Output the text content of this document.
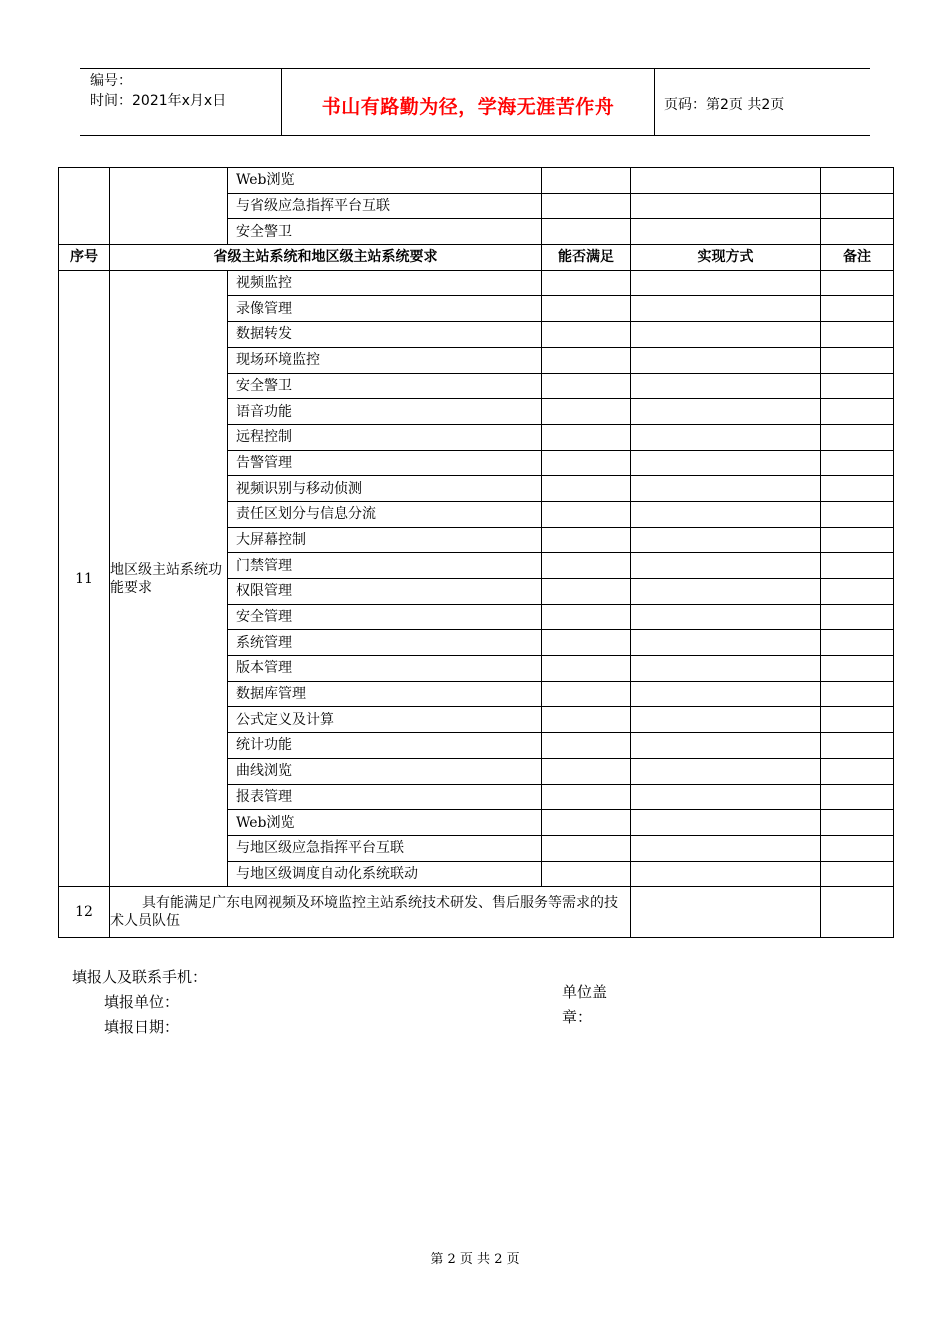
编号：
时间：2021年x月x日	书山有路勤为径，学海无涯苦作舟	页码：第2页 共2页
		Web浏览			
		与省级应急指挥平台互联			
		安全警卫			
序号	省级主站系统和地区级主站系统要求		能否满足	实现方式	备注
11	地区级主站系统功能要求	视频监控			
		录像管理			
		数据转发			
		现场环境监控			
		安全警卫			
		语音功能			
		远程控制			
		告警管理			
		视频识别与移动侦测			
		责任区划分与信息分流			
		大屏幕控制			
		门禁管理			
		权限管理			
		安全管理			
		系统管理			
		版本管理			
		数据库管理			
		公式定义及计算			
		统计功能			
		曲线浏览			
		报表管理			
		Web浏览			
		与地区级应急指挥平台互联			
		与地区级调度自动化系统联动			
12	具有能满足广东电网视频及环境监控主站系统技术研发、售后服务等需求的技术人员队伍				
填报人及联系手机：
填报单位：
填报日期：
单位盖章：
第 2 页 共 2 页
